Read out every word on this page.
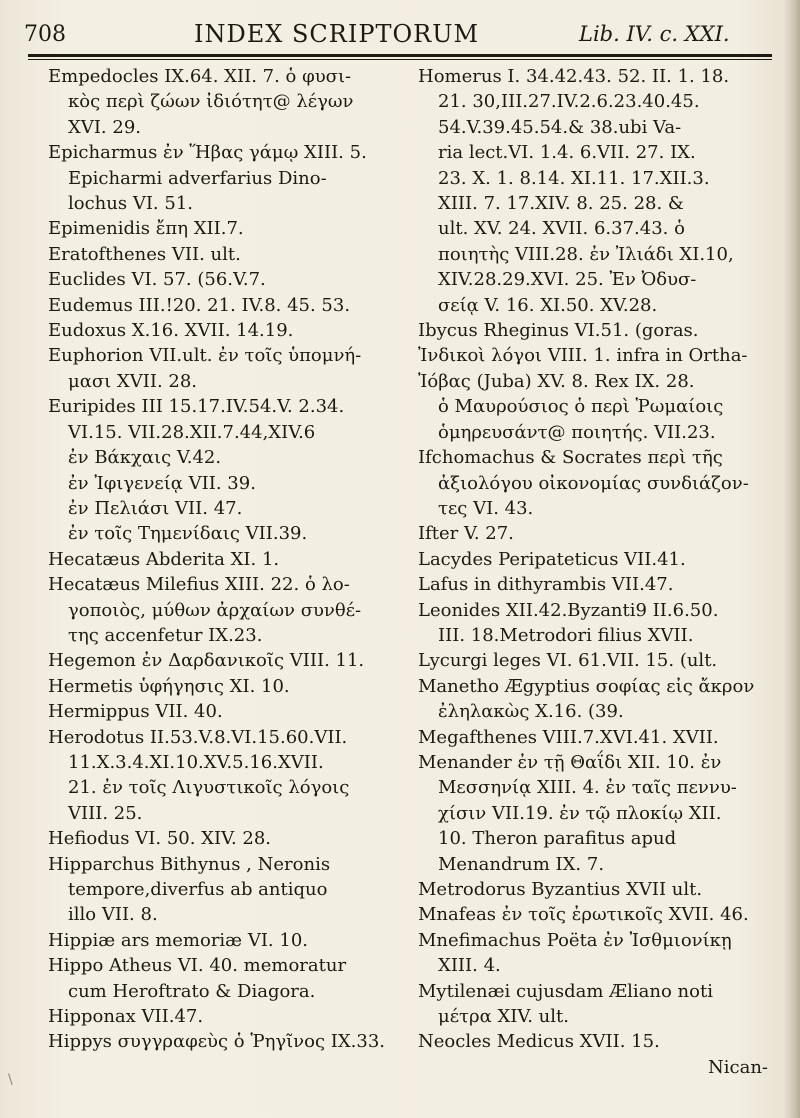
708	INDEX SCRIPTORUM	Lib. IV. c. XXI.
Empedocles IX.64. XII. 7. ὁ φυσι-
κὸς περὶ ζώων ἰδιότητ@ λέγων
XVI. 29.
Epicharmus ἐν Ἥβας γάμῳ XIII. 5.
Epicharmi adverfarius Dino-
lochus VI. 51.
Epimenidis ἔπη XII.7.
Eratofthenes VII. ult.
Euclides VI. 57. (56.V.7.
Eudemus III.!20. 21. IV.8. 45. 53.
Eudoxus X.16. XVII. 14.19.
Euphorion VII.ult. ἐν τοῖς ὑπομνή-
μασι XVII. 28.
Euripides III 15.17.IV.54.V. 2.34.
VI.15. VII.28.XII.7.44,XIV.6
ἐν Βάκχαις V.42.
ἐν Ἰφιγενείᾳ VII. 39.
ἐν Πελιάσι VII. 47.
ἐν τοῖς Τημενίδαις VII.39.
Hecatæus Abderita XI. 1.
Hecatæus Milefius XIII. 22. ὁ λο-
γοποιὸς, μύθων ἀρχαίων συνθέ-
της accenfetur IX.23.
Hegemon ἐν Δαρδανικοῖς VIII. 11.
Hermetis ὑφήγησις XI. 10.
Hermippus VII. 40.
Herodotus II.53.V.8.VI.15.60.VII.
11.X.3.4.XI.10.XV.5.16.XVII.
21. ἐν τοῖς Λιγυστικοῖς λόγοις
VIII. 25.
Hefiodus VI. 50. XIV. 28.
Hipparchus Bithynus , Neronis
tempore,diverfus ab antiquo
illo VII. 8.
Hippiæ ars memoriæ VI. 10.
Hippo Atheus VI. 40. memoratur
cum Heroftrato & Diagora.
Hipponax VII.47.
Hippys συγγραφεὺς ὁ Ῥηγῖνος IX.33.
Homerus I. 34.42.43. 52. II. 1. 18.
21. 30,III.27.IV.2.6.23.40.45.
54.V.39.45.54.& 38.ubi Va-
ria lect.VI. 1.4. 6.VII. 27. IX.
23. X. 1. 8.14. XI.11. 17.XII.3.
XIII. 7. 17.XIV. 8. 25. 28. &
ult. XV. 24. XVII. 6.37.43. ὁ
ποιητὴς VIII.28. ἐν Ἰλιάδι XI.10,
XIV.28.29.XVI. 25. Ἐν Ὀδυσ-
σείᾳ V. 16. XI.50. XV.28.
Ibycus Rheginus VI.51. (goras.
Ἰνδικοὶ λόγοι VIII. 1. infra in Ortha-
Ἰόβας (Juba) XV. 8. Rex IX. 28.
ὁ Μαυρούσιος ὁ περὶ Ῥωμαίοις
ὁμηρευσάντ@ ποιητής. VII.23.
Ifchomachus & Socrates περὶ τῆς
ἀξιολόγου οἰκονομίας συνδιάζον-
τες VI. 43.
Ifter V. 27.
Lacydes Peripateticus VII.41.
Lafus in dithyrambis VII.47.
Leonides XII.42.Byzanti9 II.6.50.
III. 18.Metrodori filius XVII.
Lycurgi leges VI. 61.VII. 15. (ult.
Manetho Ægyptius σοφίας εἰς ἄκρον
ἐληλακὼς X.16. (39.
Megafthenes VIII.7.XVI.41. XVII.
Menander ἐν τῇ Θαΐδι XII. 10. ἐν
Μεσσηνίᾳ XIII. 4. ἐν ταῖς πεννυ-
χίσιν VII.19. ἐν τῷ πλοκίῳ XII.
10. Theron parafitus apud
Menandrum IX. 7.
Metrodorus Byzantius XVII ult.
Mnafeas ἐν τοῖς ἐρωτικοῖς XVII. 46.
Mnefimachus Poëta ἐν Ἰσθμιονίκῃ
XIII. 4.
Mytilenæi cujusdam Æliano noti
μέτρα XIV. ult.
Neocles Medicus XVII. 15.
Nican-
\
